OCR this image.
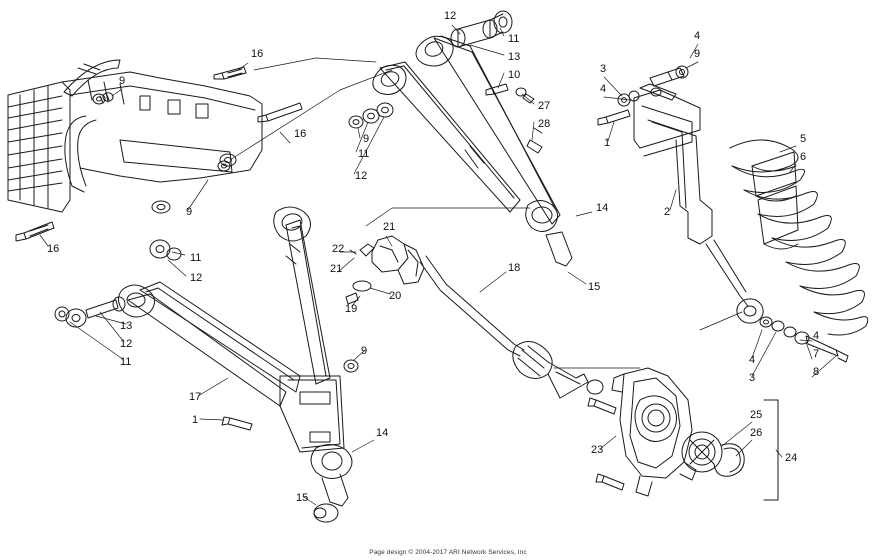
16
9
12
11
13
10
27
28
16	9
11
12
9
16
3
4
4
9
1
2
5
6
14
15
4
3
4
7
8
21
22
21
20
19
18
11
12
13
12
11
9
17
1
14
15
23
25
26
24
Page design © 2004-2017 ARI Network Services, Inc
